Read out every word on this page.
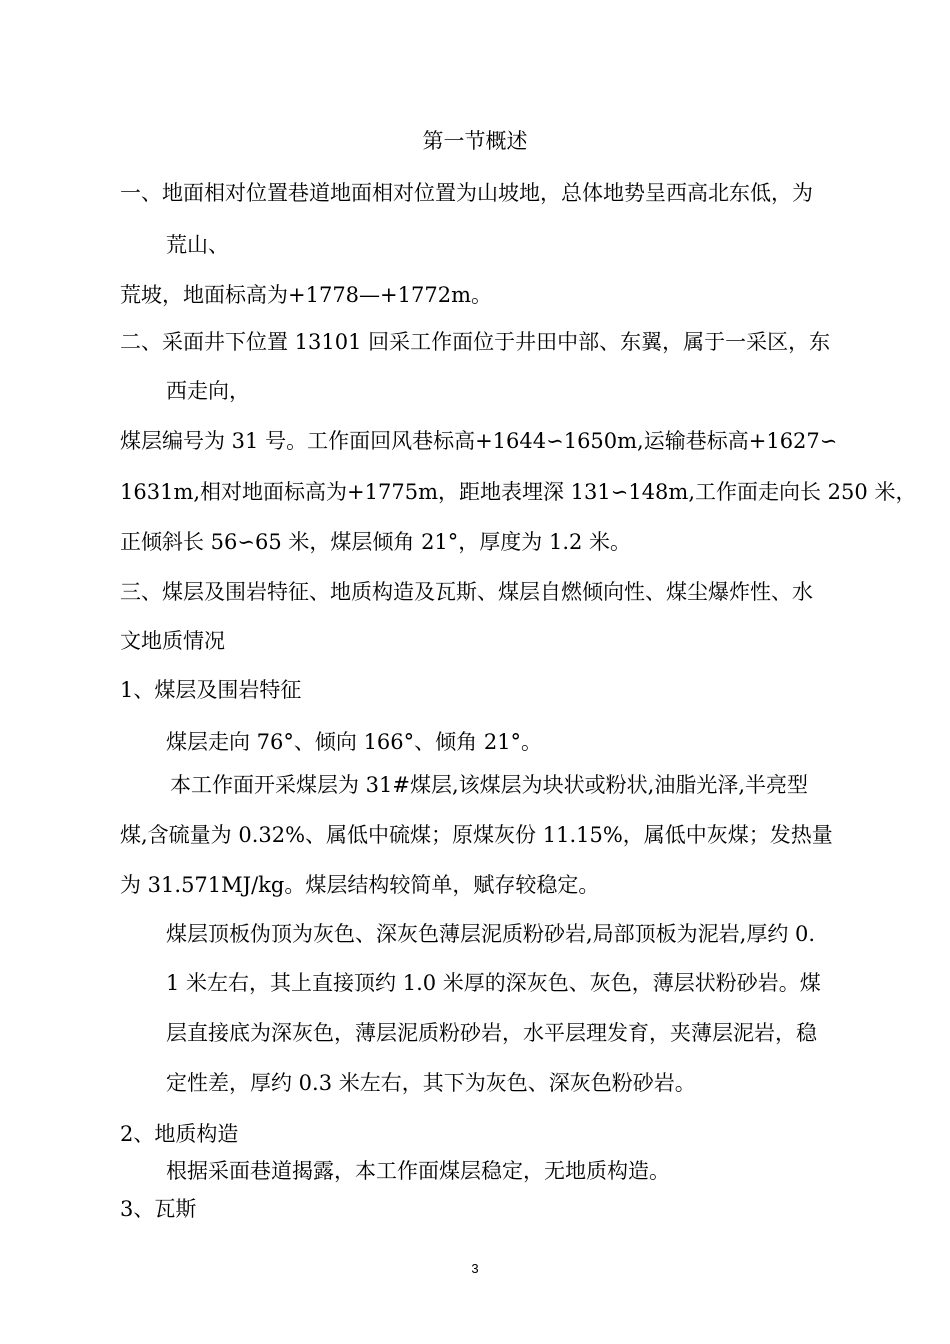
第一节概述
一、地面相对位置巷道地面相对位置为山坡地，总体地势呈西高北东低，为
荒山、
荒坡，地面标高为+1778—+1772m。
二、采面井下位置 13101 回采工作面位于井田中部、东翼，属于一采区，东
西走向，
煤层编号为 31 号。工作面回风巷标高+1644∽1650m,运输巷标高+1627∽
1631m,相对地面标高为+1775m，距地表埋深 131∽148m,工作面走向长 250 米，
正倾斜长 56∽65 米，煤层倾角 21°，厚度为 1.2 米。
三、煤层及围岩特征、地质构造及瓦斯、煤层自燃倾向性、煤尘爆炸性、水
文地质情况
1、煤层及围岩特征
煤层走向 76°、倾向 166°、倾角 21°。
本工作面开采煤层为 31#煤层,该煤层为块状或粉状,油脂光泽,半亮型
煤,含硫量为 0.32%、属低中硫煤；原煤灰份 11.15%，属低中灰煤；发热量
为 31.571MJ/kg。煤层结构较简单，赋存较稳定。
煤层顶板伪顶为灰色、深灰色薄层泥质粉砂岩,局部顶板为泥岩,厚约 0.
1 米左右，其上直接顶约 1.0 米厚的深灰色、灰色，薄层状粉砂岩。煤
层直接底为深灰色，薄层泥质粉砂岩，水平层理发育，夹薄层泥岩，稳
定性差，厚约 0.3 米左右，其下为灰色、深灰色粉砂岩。
2、地质构造
根据采面巷道揭露，本工作面煤层稳定，无地质构造。
3、瓦斯
3
